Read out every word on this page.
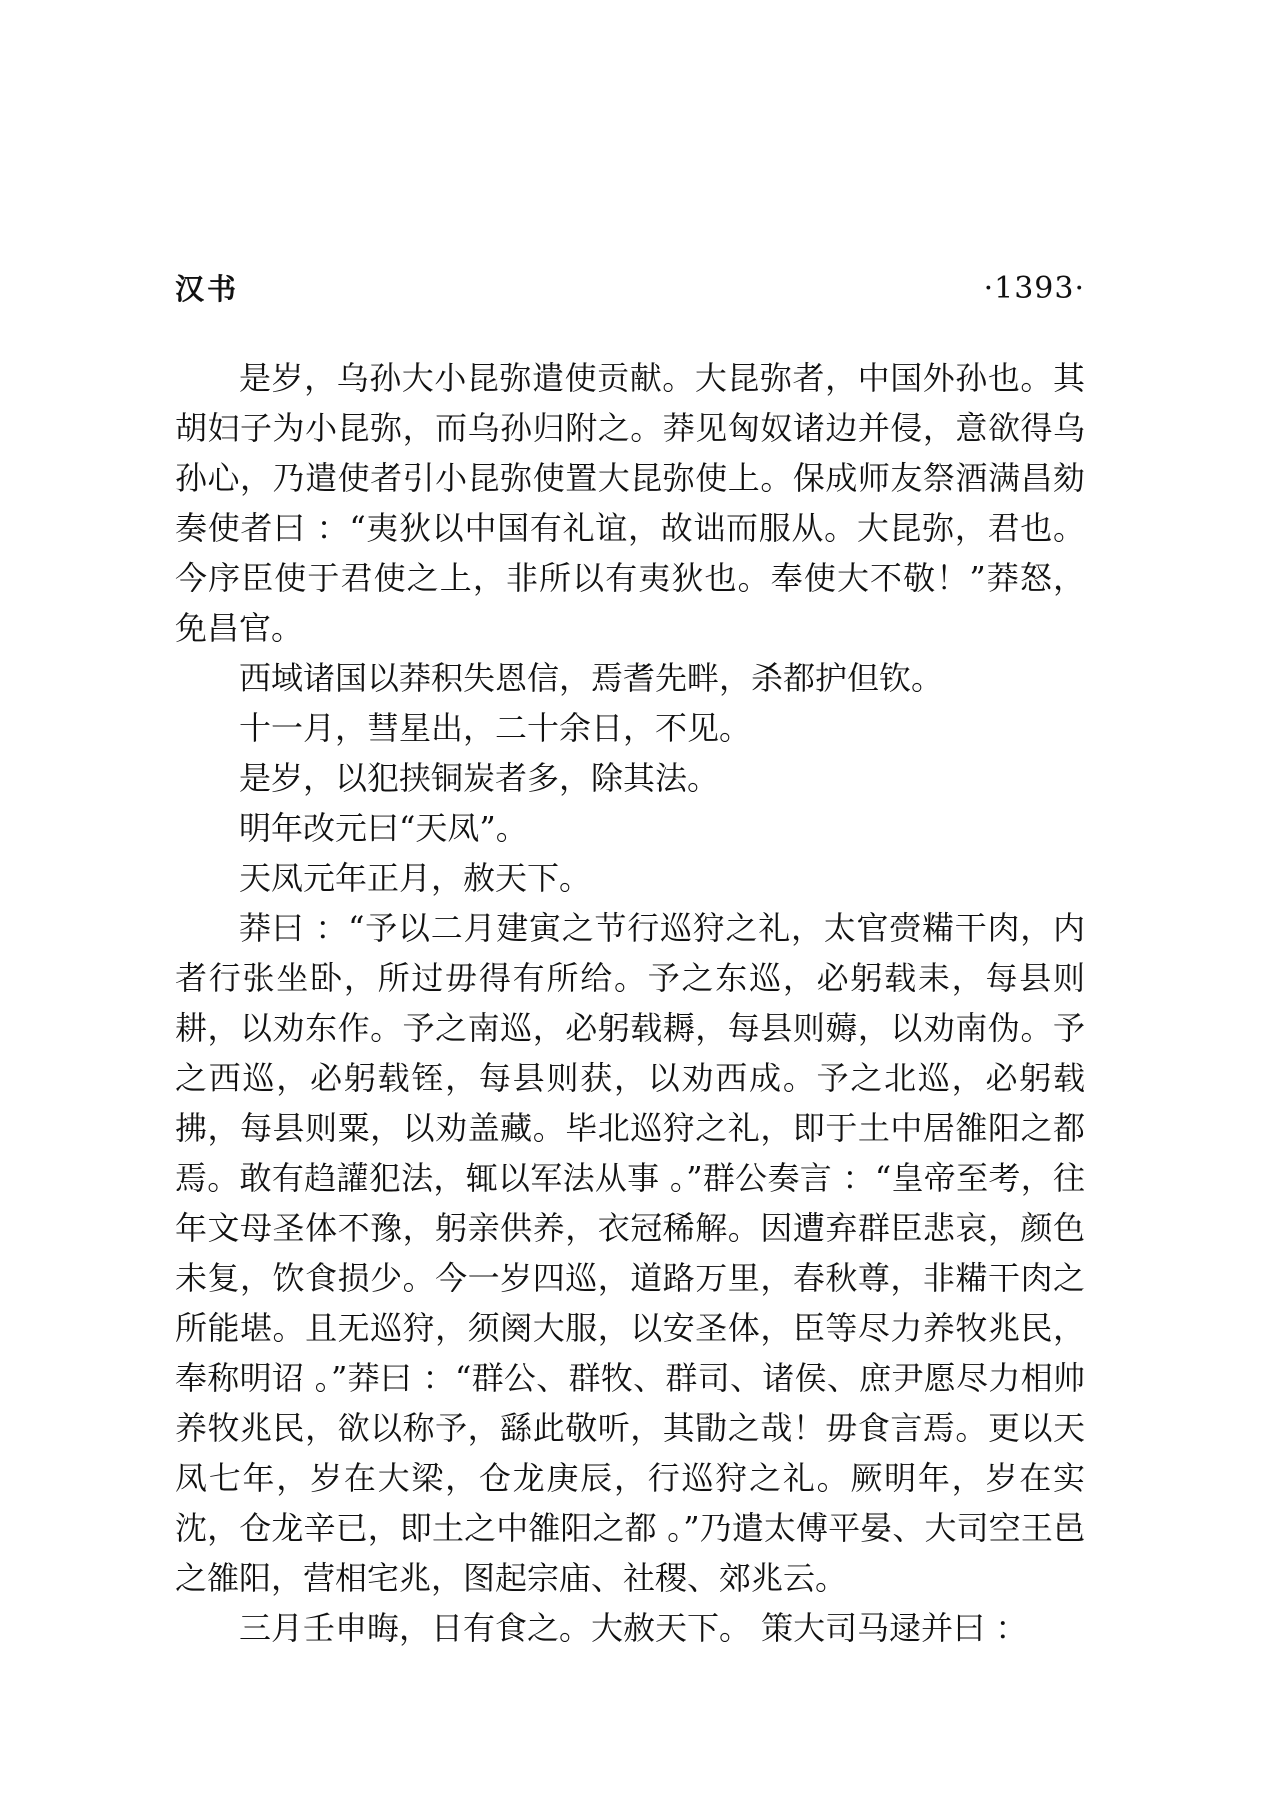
汉书	·1393·

是岁，乌孙大小昆弥遣使贡献。大昆弥者，中国外孙也。其胡妇子为小昆弥，而乌孙归附之。莽见匈奴诸边并侵，意欲得乌孙心，乃遣使者引小昆弥使置大昆弥使上。保成师友祭酒满昌劾奏使者曰 ：“夷狄以中国有礼谊，故诎而服从。大昆弥，君也。今序臣使于君使之上，非所以有夷狄也。奉使大不敬！”莽怒，免昌官。

西域诸国以莽积失恩信，焉耆先畔，杀都护但钦。

十一月，彗星出，二十余日，不见。

是岁，以犯挟铜炭者多，除其法。

明年改元曰“天凤”。

天凤元年正月，赦天下。

莽曰 ：“予以二月建寅之节行巡狩之礼，太官赍糒干肉，内者行张坐卧，所过毋得有所给。予之东巡，必躬载耒，每县则耕，以劝东作。予之南巡，必躬载耨，每县则薅，以劝南伪。予之西巡，必躬载铚，每县则获，以劝西成。予之北巡，必躬载拂，每县则粟，以劝盖藏。毕北巡狩之礼，即于土中居雒阳之都焉。敢有趋讙犯法，辄以军法从事 。”群公奏言 ：“皇帝至考，往年文母圣体不豫，躬亲供养，衣冠稀解。因遭弃群臣悲哀，颜色未复，饮食损少。今一岁四巡，道路万里，春秋尊，非糒干肉之所能堪。且无巡狩，须阕大服，以安圣体，臣等尽力养牧兆民，奉称明诏 。”莽曰 ：“群公、群牧、群司、诸侯、庶尹愿尽力相帅养牧兆民，欲以称予，繇此敬听，其勖之哉！毋食言焉。更以天凤七年，岁在大梁，仓龙庚辰，行巡狩之礼。厥明年，岁在实沈，仓龙辛已，即土之中雒阳之都 。”乃遣太傅平晏、大司空王邑之雒阳，营相宅兆，图起宗庙、社稷、郊兆云。

三月壬申晦，日有食之。大赦天下。 策大司马逯并曰 ：
